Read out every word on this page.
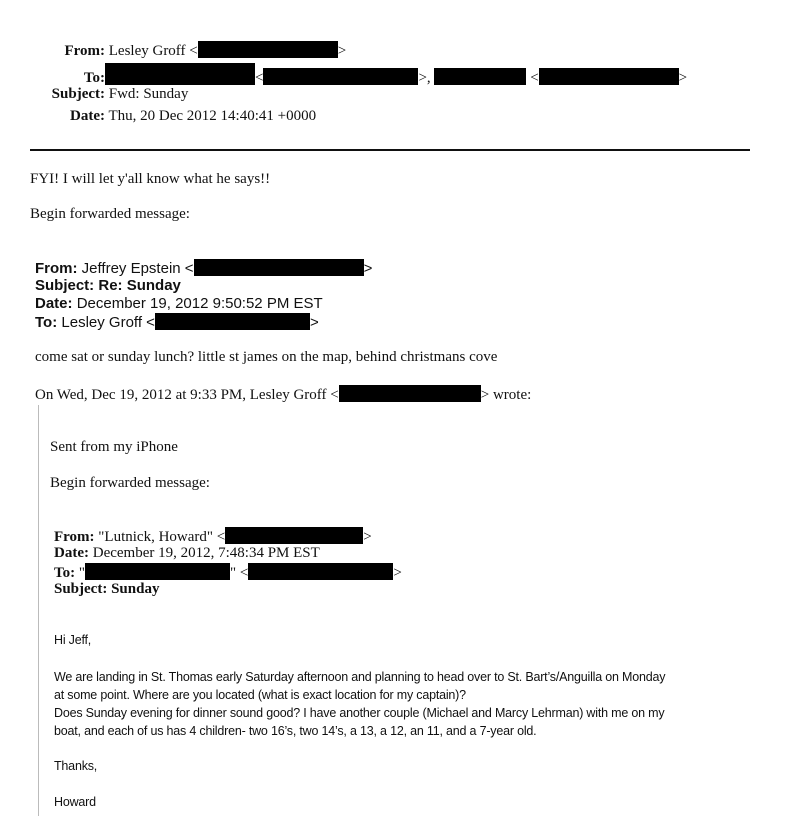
From: Lesley Groff <	>
To:	<	>,	<	>
Subject: Fwd: Sunday
Date: Thu, 20 Dec 2012 14:40:41 +0000
FYI! I will let y'all know what he says!!
Begin forwarded message:
From: Jeffrey Epstein <	>
Subject: Re: Sunday
Date: December 19, 2012 9:50:52 PM EST
To: Lesley Groff <	>
come sat or sunday lunch? little st james on the map, behind christmans cove
On Wed, Dec 19, 2012 at 9:33 PM, Lesley Groff <	> wrote:
Sent from my iPhone
Begin forwarded message:
From: "Lutnick, Howard" <	>
Date: December 19, 2012, 7:48:34 PM EST
To: "	" <	>
Subject: Sunday
Hi Jeff,
We are landing in St. Thomas early Saturday afternoon and planning to head over to St. Bart’s/Anguilla on Monday
at some point. Where are you located (what is exact location for my captain)?
Does Sunday evening for dinner sound good? I have another couple (Michael and Marcy Lehrman) with me on my
boat, and each of us has 4 children- two 16’s, two 14’s, a 13, a 12, an 11, and a 7-year old.
Thanks,
Howard
